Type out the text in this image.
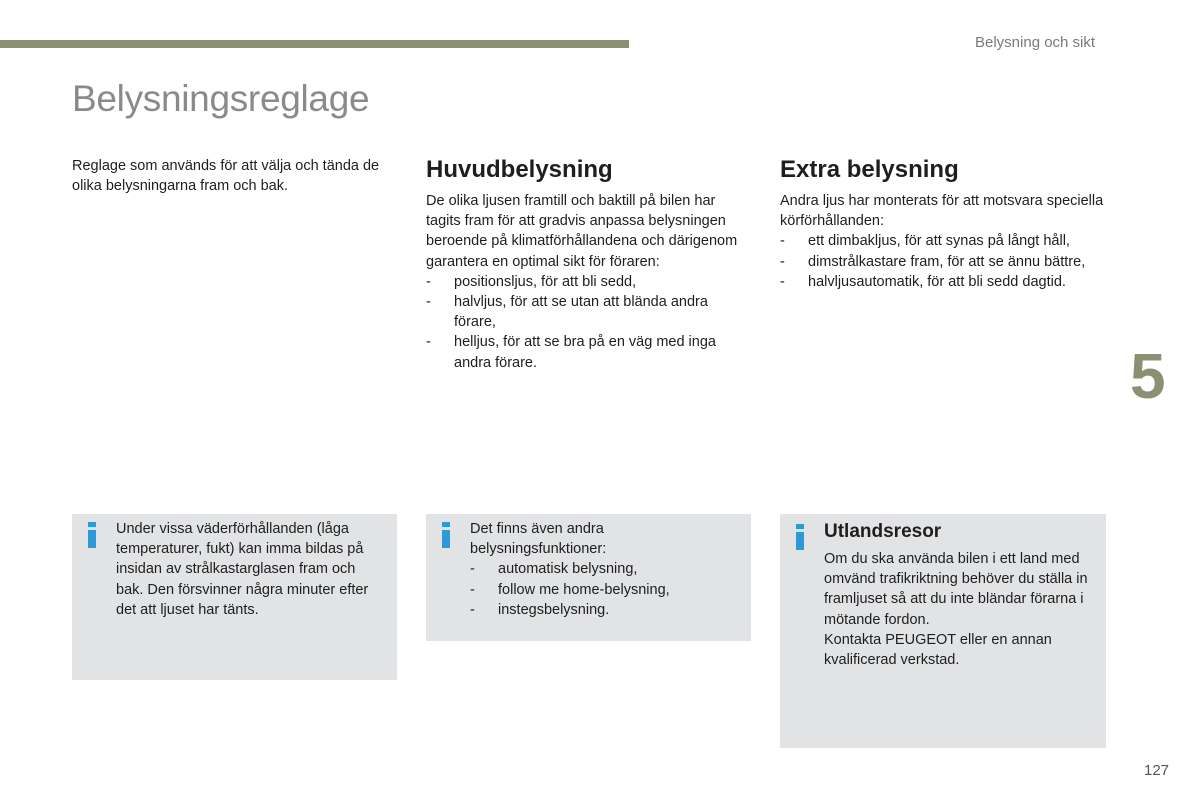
Belysning och sikt
Belysningsreglage

Reglage som används för att välja och tända de olika belysningarna fram och bak.

Huvudbelysning

De olika ljusen framtill och baktill på bilen har tagits fram för att gradvis anpassa belysningen beroende på klimatförhållandena och därigenom garantera en optimal sikt för föraren:

- positionsljus, för att bli sedd,
- halvljus, för att se utan att blända andra förare,
- helljus, för att se bra på en väg med inga andra förare.
Extra belysning

Andra ljus har monterats för att motsvara speciella körförhållanden:

- ett dimbakljus, för att synas på långt håll,
- dimstrålkastare fram, för att se ännu bättre,
- halvljusautomatik, för att bli sedd dagtid.
5

Under vissa väderförhållanden (låga temperaturer, fukt) kan imma bildas på insidan av strålkastarglasen fram och bak. Den försvinner några minuter efter det att ljuset har tänts.

Det finns även andra belysningsfunktioner:

- automatisk belysning,
- follow me home-belysning,
- instegsbelysning.
Utlandsresor

Om du ska använda bilen i ett land med omvänd trafikriktning behöver du ställa in framljuset så att du inte bländar förarna i mötande fordon.

Kontakta PEUGEOT eller en annan kvalificerad verkstad.

127
